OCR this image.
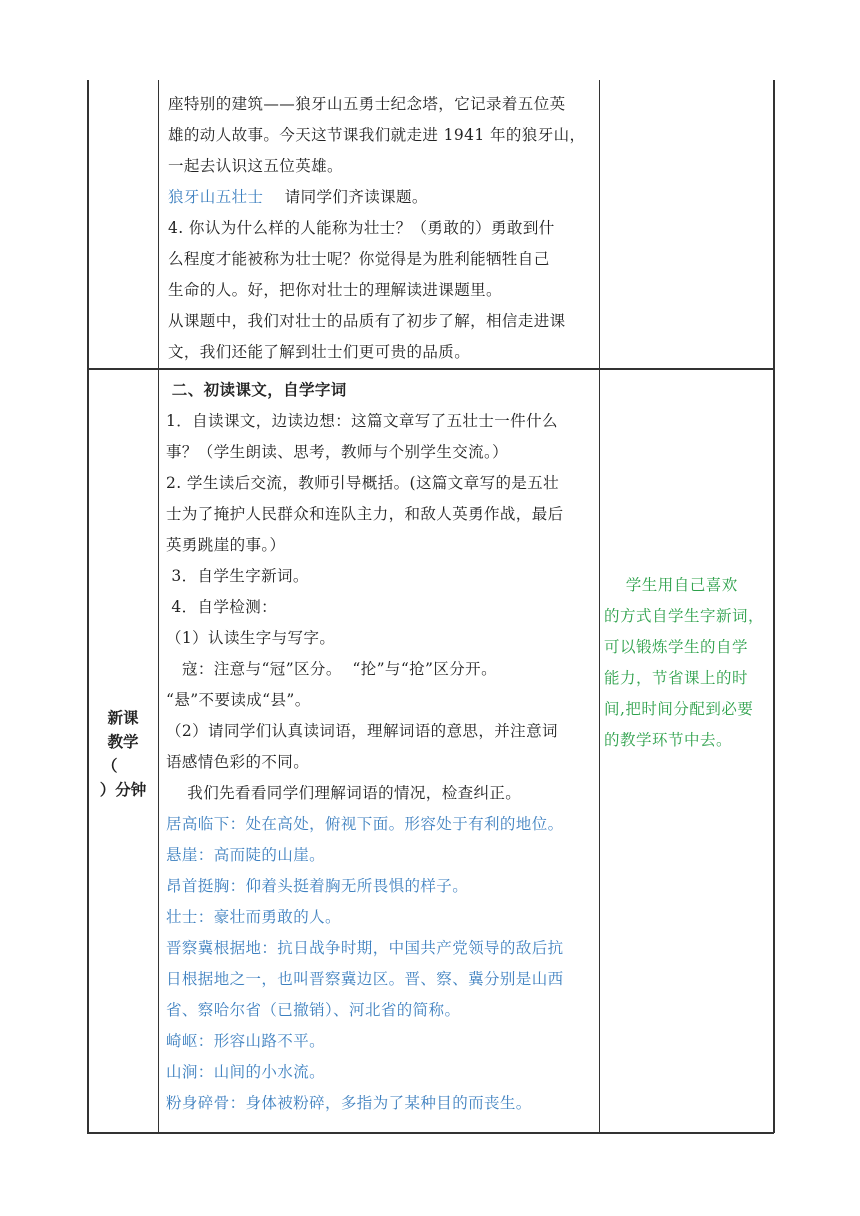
座特别的建筑——狼牙山五勇士纪念塔，它记录着五位英
雄的动人故事。今天这节课我们就走进 1941 年的狼牙山，
一起去认识这五位英雄。
狼牙山五壮士    请同学们齐读课题。
4. 你认为什么样的人能称为壮士？（勇敢的）勇敢到什
么程度才能被称为壮士呢？你觉得是为胜利能牺牲自己
生命的人。好，把你对壮士的理解读进课题里。
从课题中，我们对壮士的品质有了初步了解，相信走进课
文，我们还能了解到壮士们更可贵的品质。
新课
教学
（
）分钟
二、初读课文，自学字词
1．自读课文，边读边想：这篇文章写了五壮士一件什么
事？（学生朗读、思考，教师与个别学生交流。）
2. 学生读后交流，教师引导概括。(这篇文章写的是五壮
士为了掩护人民群众和连队主力，和敌人英勇作战，最后
英勇跳崖的事。）
3．自学生字新词。
4．自学检测：
（1）认读生字与写字。
寇：注意与“冠”区分。  “抡”与“抢”区分开。
“悬”不要读成“县”。
（2）请同学们认真读词语，理解词语的意思，并注意词
语感情色彩的不同。
我们先看看同学们理解词语的情况，检查纠正。
居高临下：处在高处，俯视下面。形容处于有利的地位。
悬崖：高而陡的山崖。
昂首挺胸：仰着头挺着胸无所畏惧的样子。
壮士：豪壮而勇敢的人。
晋察冀根据地：抗日战争时期，中国共产党领导的敌后抗
日根据地之一，也叫晋察冀边区。晋、察、冀分别是山西
省、察哈尔省（已撤销）、河北省的简称。
崎岖：形容山路不平。
山涧：山间的小水流。
粉身碎骨：身体被粉碎，多指为了某种目的而丧生。
学生用自己喜欢
的方式自学生字新词，
可以锻炼学生的自学
能力，节省课上的时
间,把时间分配到必要
的教学环节中去。
